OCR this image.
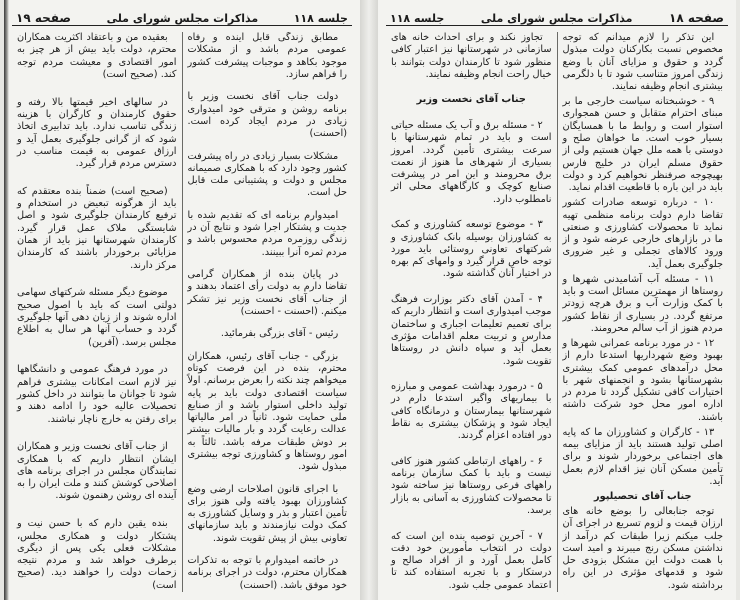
جلسه ۱۱۸
مذاکرات مجلس شورای ملی
صفحه ۱۹

مطابق زندگی قابل آینده و رفاه عمومی مردم باشد و از مشکلات موجود بکاهد و موجبات پیشرفت کشور را فراهم سازد.

دولت جناب آقای نخست وزیر با برنامه روشن و مترقی خود امیدواری زیادی در مردم ایجاد کرده است. (احسنت)

مشکلات بسیار زیادی در راه پیشرفت کشور وجود دارد که با همکاری صمیمانه مجلس و دولت و پشتیبانی ملت قابل حل است.

امیدوارم برنامه ای که تقدیم شده با جدیت و پشتکار اجرا شود و نتایج آن در زندگی روزمره مردم محسوس باشد و مردم ثمره آنرا ببینند.

در پایان بنده از همکاران گرامی تقاضا دارم به دولت رأی اعتماد بدهند و از جناب آقای نخست وزیر نیز تشکر میکنم. (احسنت - احسنت)

رئیس - آقای بزرگی بفرمائید.

بزرگی - جناب آقای رئیس، همکاران محترم، بنده در این فرصت کوتاه میخواهم چند نکته را بعرض برسانم. اولاً سیاست اقتصادی دولت باید بر پایه تولید داخلی استوار باشد و از صنایع ملی حمایت شود. ثانیاً در امر مالیاتها عدالت رعایت گردد و بار مالیات بیشتر بر دوش طبقات مرفه باشد. ثالثاً به امور روستاها و کشاورزی توجه بیشتری مبذول شود.

با اجرای قانون اصلاحات ارضی وضع کشاورزان بهبود یافته ولی هنوز برای تأمین اعتبار و بذر و وسایل کشاورزی به کمک دولت نیازمندند و باید سازمانهای تعاونی بیش از پیش تقویت شوند.

در خاتمه امیدوارم با توجه به تذکرات همکاران محترم، دولت در اجرای برنامه خود موفق باشد. (احسنت)

بعقیده من و باعتقاد اکثریت همکاران محترم، دولت باید بیش از هر چیز به امور اقتصادی و معیشت مردم توجه کند. (صحیح است)

در سالهای اخیر قیمتها بالا رفته و حقوق کارمندان و کارگران با هزینه زندگی تناسب ندارد. باید تدابیری اتخاذ شود که از گرانی جلوگیری بعمل آید و ارزاق عمومی به قیمت مناسب در دسترس مردم قرار گیرد.

(صحیح است) ضمناً بنده معتقدم که باید از هرگونه تبعیض در استخدام و ترفیع کارمندان جلوگیری شود و اصل شایستگی ملاک عمل قرار گیرد. کارمندان شهرستانها نیز باید از همان مزایائی برخوردار باشند که کارمندان مرکز دارند.

موضوع دیگر مسئله شرکتهای سهامی دولتی است که باید با اصول صحیح اداره شوند و از زیان دهی آنها جلوگیری گردد و حساب آنها هر سال به اطلاع مجلس برسد. (آفرین)

در مورد فرهنگ عمومی و دانشگاهها نیز لازم است امکانات بیشتری فراهم شود تا جوانان ما بتوانند در داخل کشور تحصیلات عالیه خود را ادامه دهند و برای رفتن به خارج ناچار نباشند.

از جناب آقای نخست وزیر و همکاران ایشان انتظار داریم که با همکاری نمایندگان مجلس در اجرای برنامه های اصلاحی کوشش کنند و ملت ایران را به آینده ای روشن رهنمون شوند.

بنده یقین دارم که با حسن نیت و پشتکار دولت و همکاری مجلس، مشکلات فعلی یکی پس از دیگری برطرف خواهد شد و مردم نتیجه زحمات دولت را خواهند دید. (صحیح است)

صفحه ۱۸
مذاکرات مجلس شورای ملی
جلسه ۱۱۸

این تذکر را لازم میدانم که توجه مخصوص نسبت بکارکنان دولت مبذول گردد و حقوق و مزایای آنان با وضع زندگی امروز متناسب شود تا با دلگرمی بیشتری انجام وظیفه نمایند.

۹ - خوشبختانه سیاست خارجی ما بر مبنای احترام متقابل و حسن همجواری استوار است و روابط ما با همسایگان بسیار خوب است. ما خواهان صلح و دوستی با همه ملل جهان هستیم ولی از حقوق مسلم ایران در خلیج فارس بهیچوجه صرفنظر نخواهیم کرد و دولت باید در این باره با قاطعیت اقدام نماید.

۱۰ - درباره توسعه صادرات کشور تقاضا دارم دولت برنامه منظمی تهیه نماید تا محصولات کشاورزی و صنعتی ما در بازارهای خارجی عرضه شود و از ورود کالاهای تجملی و غیر ضروری جلوگیری بعمل آید.

۱۱ - مسئله آب آشامیدنی شهرها و روستاها از مهمترین مسائل است و باید با کمک وزارت آب و برق هرچه زودتر مرتفع گردد. در بسیاری از نقاط کشور مردم هنوز از آب سالم محرومند.

۱۲ - در مورد برنامه عمرانی شهرها و بهبود وضع شهرداریها استدعا دارم از محل درآمدهای عمومی کمک بیشتری بشهرستانها بشود و انجمنهای شهر با اختیارات کافی تشکیل گردد تا مردم در اداره امور محل خود شرکت داشته باشند.

۱۳ - کارگران و کشاورزان ما که پایه اصلی تولید هستند باید از مزایای بیمه های اجتماعی برخوردار شوند و برای تأمین مسکن آنان نیز اقدام لازم بعمل آید.

جناب آقای تحصیلپور

توجه جنابعالی را بوضع خانه های ارزان قیمت و لزوم تسریع در اجرای آن جلب میکنم زیرا طبقات کم درآمد از نداشتن مسکن رنج میبرند و امید است با همت دولت این مشکل بزودی حل شود و قدمهای مؤثری در این راه برداشته شود.

تجاوز نکند و برای احداث خانه های سازمانی در شهرستانها نیز اعتبار کافی منظور شود تا کارمندان دولت بتوانند با خیال راحت انجام وظیفه نمایند.

جناب آقای نخست وزیر

۲ - مسئله برق و آب یک مسئله حیاتی است و باید در تمام شهرستانها با سرعت بیشتری تأمین گردد. امروز بسیاری از شهرهای ما هنوز از نعمت برق محرومند و این امر در پیشرفت صنایع کوچک و کارگاههای محلی اثر نامطلوب دارد.

۳ - موضوع توسعه کشاورزی و کمک به کشاورزان بوسیله بانک کشاورزی و شرکتهای تعاونی روستائی باید مورد توجه خاص قرار گیرد و وامهای کم بهره در اختیار آنان گذاشته شود.

۴ - آمدن آقای دکتر بوزارت فرهنگ موجب امیدواری است و انتظار داریم که برای تعمیم تعلیمات اجباری و ساختمان مدارس و تربیت معلم اقدامات مؤثری بعمل آید و سپاه دانش در روستاها تقویت شود.

۵ - درمورد بهداشت عمومی و مبارزه با بیماریهای واگیر استدعا دارم در شهرستانها بیمارستان و درمانگاه کافی ایجاد شود و پزشکان بیشتری به نقاط دور افتاده اعزام گردند.

۶ - راههای ارتباطی کشور هنوز کافی نیست و باید با کمک سازمان برنامه راههای فرعی روستاها نیز ساخته شود تا محصولات کشاورزی به آسانی به بازار برسد.

۷ - آخرین توصیه بنده این است که دولت در انتخاب مأمورین خود دقت کامل بعمل آورد و از افراد صالح و درستکار و با تجربه استفاده کند تا اعتماد عمومی جلب شود.
